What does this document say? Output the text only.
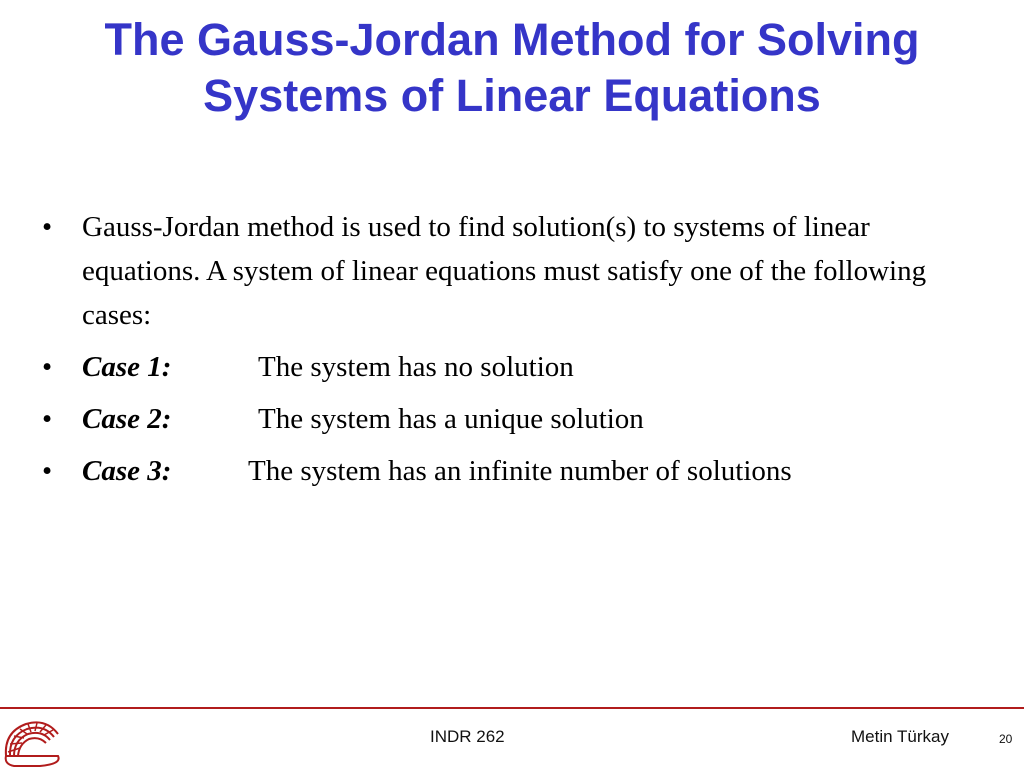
The Gauss-Jordan Method for Solving
Systems of Linear Equations
•	Gauss-Jordan method is used to find solution(s) to systems of linear equations. A system of linear equations must satisfy one of the following cases:
•	Case 1:	The system has no solution
•	Case 2:	The system has a unique solution
•	Case 3:	The system has an infinite number of solutions
INDR 262	Metin Türkay	20
